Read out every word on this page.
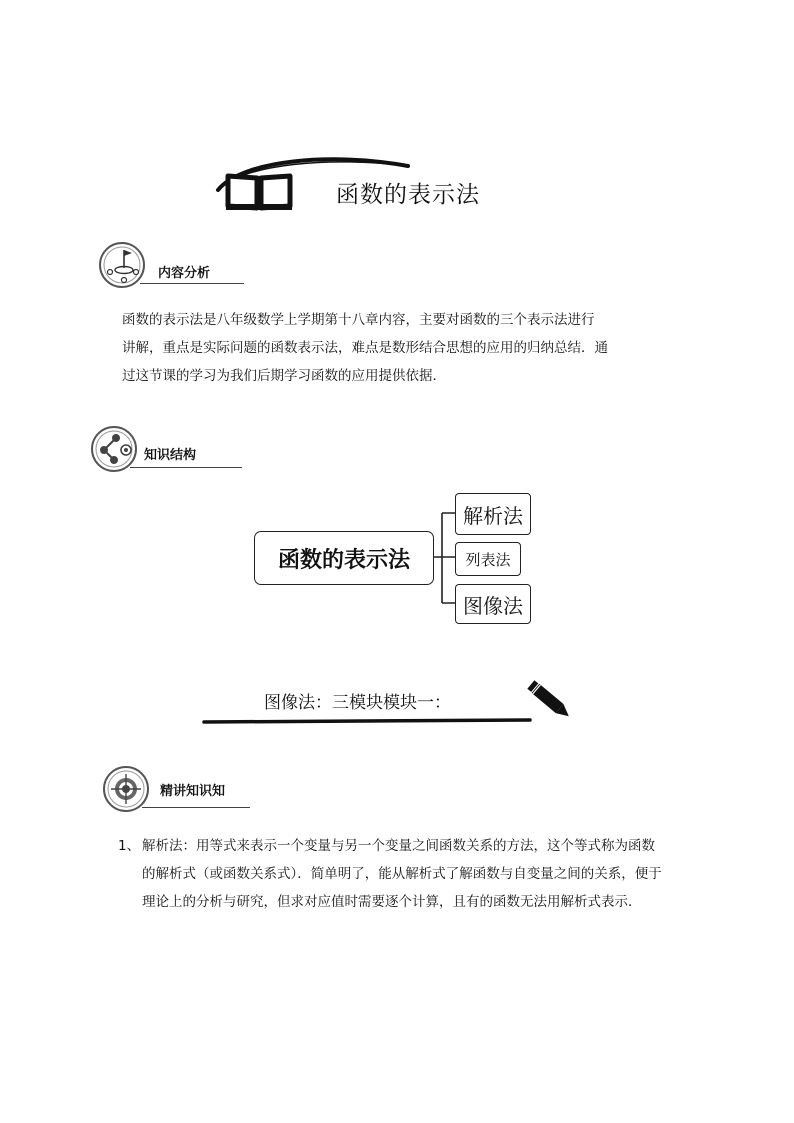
函数的表示法
内容分析
函数的表示法是八年级数学上学期第十八章内容，主要对函数的三个表示法进行
讲解，重点是实际问题的函数表示法，难点是数形结合思想的应用的归纳总结．通
过这节课的学习为我们后期学习函数的应用提供依据．
知识结构
函数的表示法
解析法
列表法
图像法
图像法：三模块模块一：
精讲知识知
1、 解析法：用等式来表示一个变量与另一个变量之间函数关系的方法，这个等式称为函数
的解析式（或函数关系式）．简单明了，能从解析式了解函数与自变量之间的关系，便于
理论上的分析与研究，但求对应值时需要逐个计算，且有的函数无法用解析式表示．
